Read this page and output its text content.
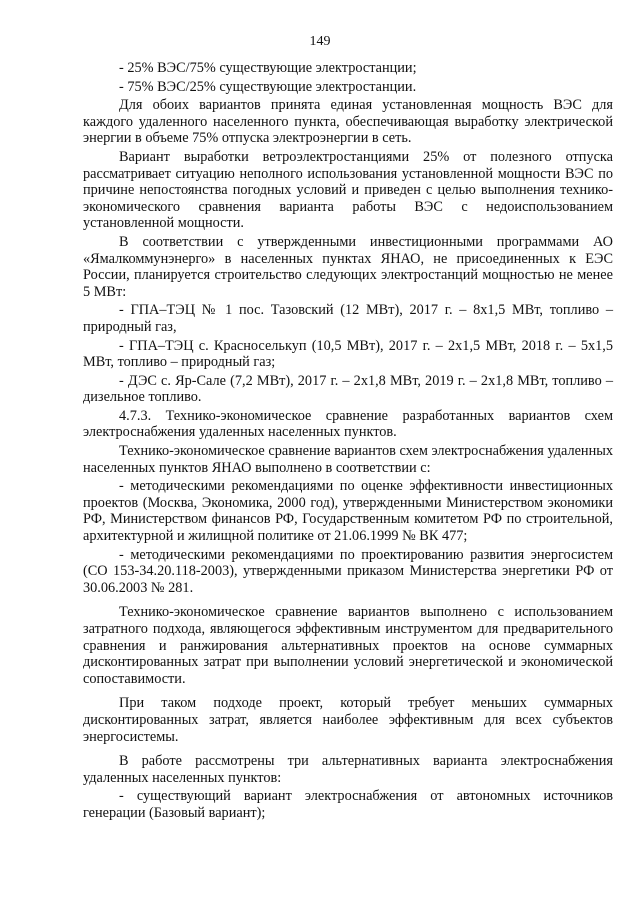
149

- 25% ВЭС/75% существующие электростанции;

- 75% ВЭС/25% существующие электростанции.

Для обоих вариантов принята единая установленная мощность ВЭС для каждого удаленного населенного пункта, обеспечивающая выработку электрической энергии в объеме 75% отпуска электроэнергии в сеть.

Вариант выработки ветроэлектростанциями 25% от полезного отпуска рассматривает ситуацию неполного использования установленной мощности ВЭС по причине непостоянства погодных условий и приведен с целью выполнения технико-экономического сравнения варианта работы ВЭС с недоиспользованием установленной мощности.

В соответствии с утвержденными инвестиционными программами АО «Ямалкоммунэнерго» в населенных пунктах ЯНАО, не присоединенных к ЕЭС России, планируется строительство следующих электростанций мощностью не менее 5 МВт:

- ГПА–ТЭЦ № 1 пос. Тазовский (12 МВт), 2017 г. – 8х1,5 МВт, топливо – природный газ,

- ГПА–ТЭЦ с. Красноселькуп (10,5 МВт), 2017 г. – 2х1,5 МВт, 2018 г. – 5х1,5 МВт, топливо – природный газ;

- ДЭС с. Яр-Сале (7,2 МВт), 2017 г. – 2х1,8 МВт, 2019 г. – 2х1,8 МВт, топливо – дизельное топливо.

4.7.3. Технико-экономическое сравнение разработанных вариантов схем электроснабжения удаленных населенных пунктов.

Технико-экономическое сравнение вариантов схем электроснабжения удаленных населенных пунктов ЯНАО выполнено в соответствии с:

- методическими рекомендациями по оценке эффективности инвестиционных проектов (Москва, Экономика, 2000 год), утвержденными Министерством экономики РФ, Министерством финансов РФ, Государственным комитетом РФ по строительной, архитектурной и жилищной политике от 21.06.1999 № ВК 477;

- методическими рекомендациями по проектированию развития энергосистем (СО 153-34.20.118-2003), утвержденными приказом Министерства энергетики РФ от 30.06.2003 № 281.

Технико-экономическое сравнение вариантов выполнено с использованием затратного подхода, являющегося эффективным инструментом для предварительного сравнения и ранжирования альтернативных проектов на основе суммарных дисконтированных затрат при выполнении условий энергетической и экономической сопоставимости.

При таком подходе проект, который требует меньших суммарных дисконтированных затрат, является наиболее эффективным для всех субъектов энергосистемы.

В работе рассмотрены три альтернативных варианта электроснабжения удаленных населенных пунктов:

- существующий вариант электроснабжения от автономных источников генерации (Базовый вариант);
